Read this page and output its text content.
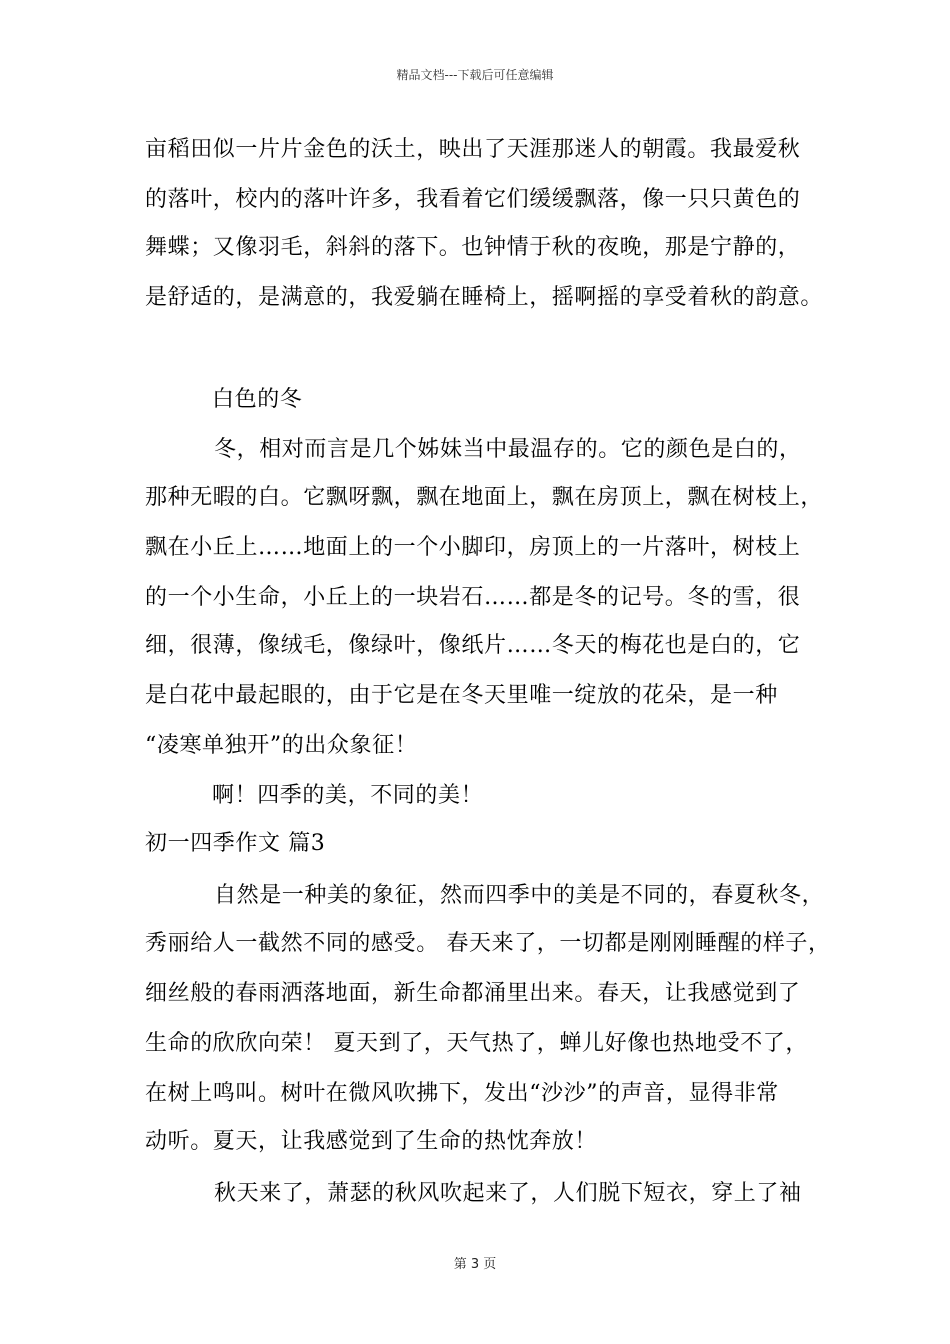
精品文档---下载后可任意编辑
亩稻田似一片片金色的沃土，映出了天涯那迷人的朝霞。我最爱秋
的落叶，校内的落叶许多，我看着它们缓缓飘落，像一只只黄色的
舞蝶；又像羽毛，斜斜的落下。也钟情于秋的夜晚，那是宁静的，
是舒适的，是满意的，我爱躺在睡椅上，摇啊摇的享受着秋的韵意。
白色的冬
冬，相对而言是几个姊妹当中最温存的。它的颜色是白的，
那种无暇的白。它飘呀飘，飘在地面上，飘在房顶上，飘在树枝上，
飘在小丘上……地面上的一个小脚印，房顶上的一片落叶，树枝上
的一个小生命，小丘上的一块岩石……都是冬的记号。冬的雪，很
细，很薄，像绒毛，像绿叶，像纸片……冬天的梅花也是白的，它
是白花中最起眼的，由于它是在冬天里唯一绽放的花朵，是一种
“凌寒单独开”的出众象征！
啊！四季的美，不同的美！
初一四季作文 篇3
自然是一种美的象征，然而四季中的美是不同的，春夏秋冬，
秀丽给人一截然不同的感受。 春天来了，一切都是刚刚睡醒的样子，
细丝般的春雨洒落地面，新生命都涌里出来。春天，让我感觉到了
生命的欣欣向荣！ 夏天到了，天气热了，蝉儿好像也热地受不了，
在树上鸣叫。树叶在微风吹拂下，发出“沙沙”的声音，显得非常
动听。夏天，让我感觉到了生命的热忱奔放！
秋天来了，萧瑟的秋风吹起来了，人们脱下短衣，穿上了袖
第 3 页
